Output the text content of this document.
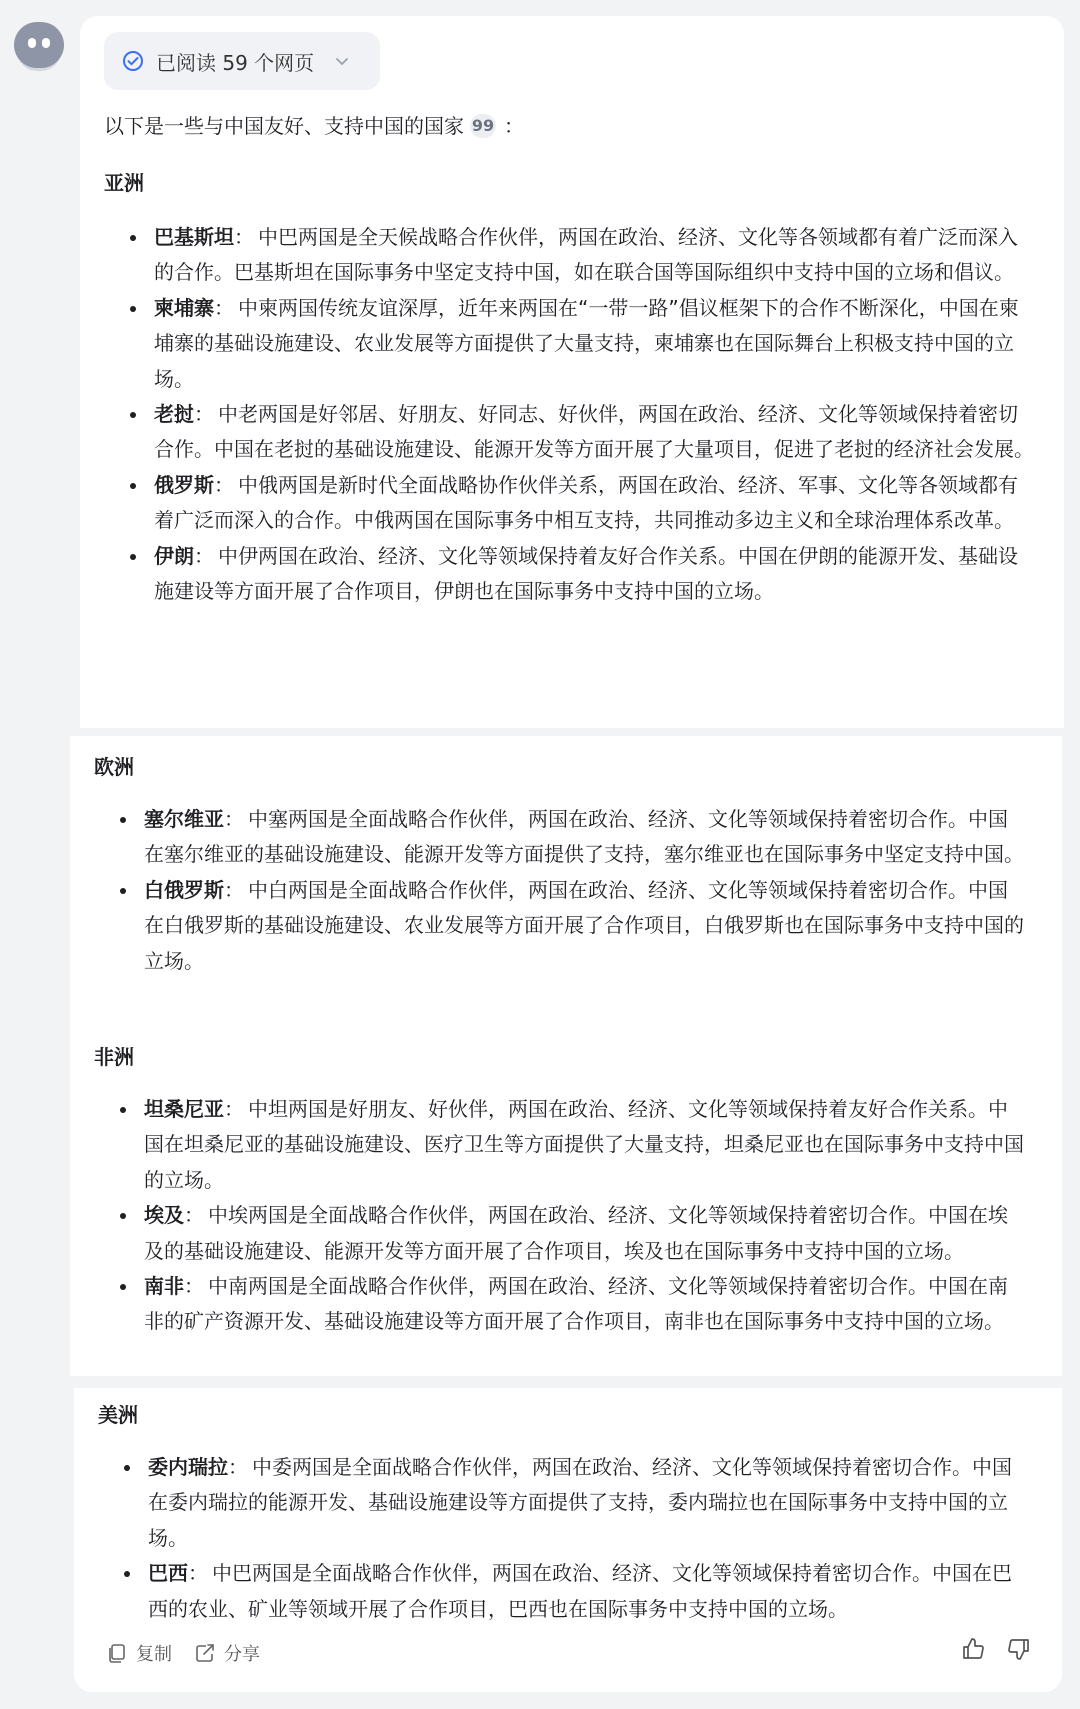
已阅读 59 个网页
以下是一些与中国友好、支持中国的国家 99 ：
亚洲
巴基斯坦： 中巴两国是全天候战略合作伙伴，两国在政治、经济、文化等各领域都有着广泛而深入的合作。巴基斯坦在国际事务中坚定支持中国，如在联合国等国际组织中支持中国的立场和倡议。
柬埔寨： 中柬两国传统友谊深厚，近年来两国在“一带一路”倡议框架下的合作不断深化，中国在柬埔寨的基础设施建设、农业发展等方面提供了大量支持，柬埔寨也在国际舞台上积极支持中国的立场。
老挝： 中老两国是好邻居、好朋友、好同志、好伙伴，两国在政治、经济、文化等领域保持着密切合作。中国在老挝的基础设施建设、能源开发等方面开展了大量项目，促进了老挝的经济社会发展。
俄罗斯： 中俄两国是新时代全面战略协作伙伴关系，两国在政治、经济、军事、文化等各领域都有着广泛而深入的合作。中俄两国在国际事务中相互支持，共同推动多边主义和全球治理体系改革。
伊朗： 中伊两国在政治、经济、文化等领域保持着友好合作关系。中国在伊朗的能源开发、基础设施建设等方面开展了合作项目，伊朗也在国际事务中支持中国的立场。
欧洲
塞尔维亚： 中塞两国是全面战略合作伙伴，两国在政治、经济、文化等领域保持着密切合作。中国在塞尔维亚的基础设施建设、能源开发等方面提供了支持，塞尔维亚也在国际事务中坚定支持中国。
白俄罗斯： 中白两国是全面战略合作伙伴，两国在政治、经济、文化等领域保持着密切合作。中国在白俄罗斯的基础设施建设、农业发展等方面开展了合作项目，白俄罗斯也在国际事务中支持中国的立场。
非洲
坦桑尼亚： 中坦两国是好朋友、好伙伴，两国在政治、经济、文化等领域保持着友好合作关系。中国在坦桑尼亚的基础设施建设、医疗卫生等方面提供了大量支持，坦桑尼亚也在国际事务中支持中国的立场。
埃及： 中埃两国是全面战略合作伙伴，两国在政治、经济、文化等领域保持着密切合作。中国在埃及的基础设施建设、能源开发等方面开展了合作项目，埃及也在国际事务中支持中国的立场。
南非： 中南两国是全面战略合作伙伴，两国在政治、经济、文化等领域保持着密切合作。中国在南非的矿产资源开发、基础设施建设等方面开展了合作项目，南非也在国际事务中支持中国的立场。
美洲
委内瑞拉： 中委两国是全面战略合作伙伴，两国在政治、经济、文化等领域保持着密切合作。中国在委内瑞拉的能源开发、基础设施建设等方面提供了支持，委内瑞拉也在国际事务中支持中国的立场。
巴西： 中巴两国是全面战略合作伙伴，两国在政治、经济、文化等领域保持着密切合作。中国在巴西的农业、矿业等领域开展了合作项目，巴西也在国际事务中支持中国的立场。
复制	分享
